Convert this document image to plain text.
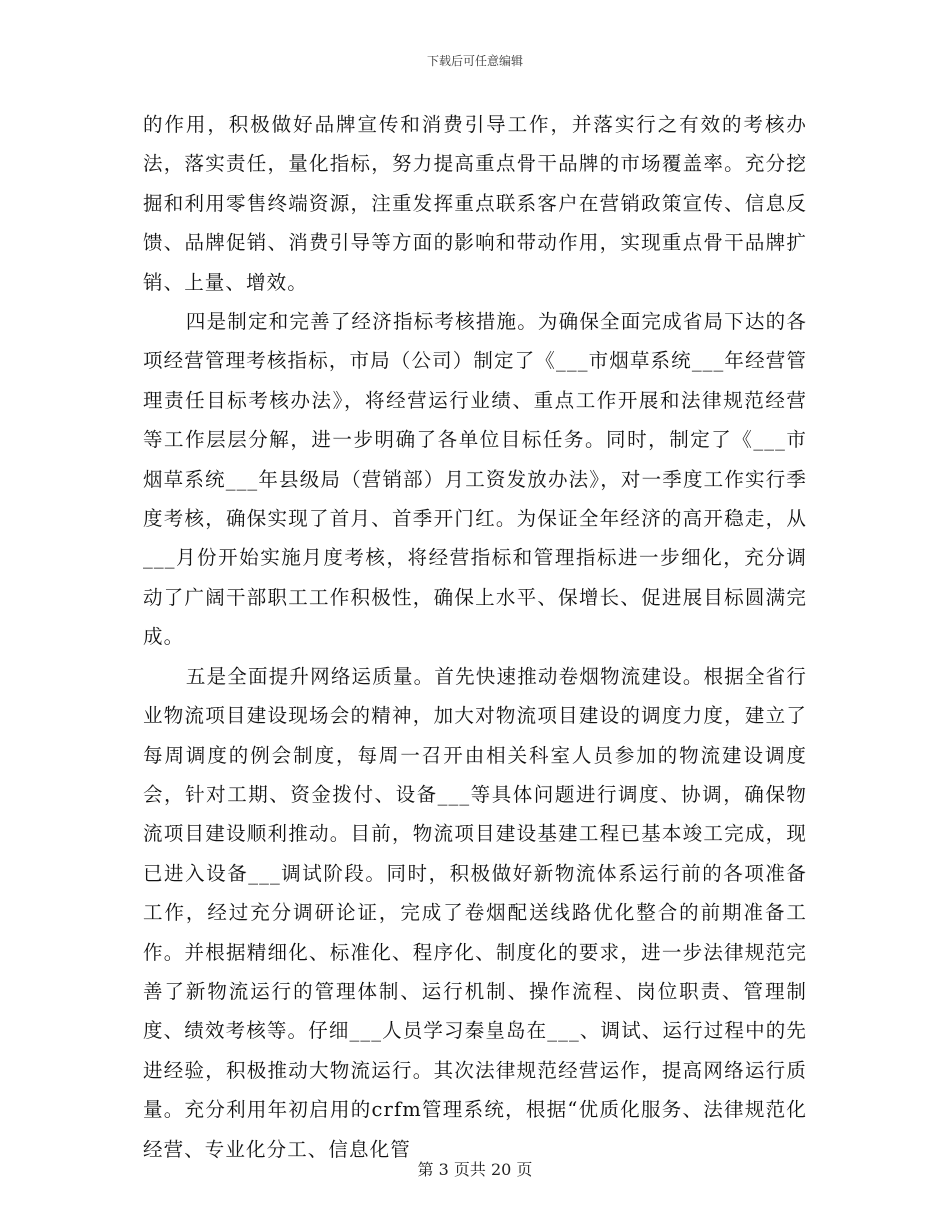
下载后可任意编辑

的作用，积极做好品牌宣传和消费引导工作，并落实行之有效的考核办法，落实责任，量化指标，努力提高重点骨干品牌的市场覆盖率。充分挖掘和利用零售终端资源，注重发挥重点联系客户在营销政策宣传、信息反馈、品牌促销、消费引导等方面的影响和带动作用，实现重点骨干品牌扩销、上量、增效。

四是制定和完善了经济指标考核措施。为确保全面完成省局下达的各项经营管理考核指标，市局（公司）制定了《___市烟草系统___年经营管理责任目标考核办法》，将经营运行业绩、重点工作开展和法律规范经营等工作层层分解，进一步明确了各单位目标任务。同时，制定了《___市烟草系统___年县级局（营销部）月工资发放办法》，对一季度工作实行季度考核，确保实现了首月、首季开门红。为保证全年经济的高开稳走，从___月份开始实施月度考核，将经营指标和管理指标进一步细化，充分调动了广阔干部职工工作积极性，确保上水平、保增长、促进展目标圆满完成。

五是全面提升网络运质量。首先快速推动卷烟物流建设。根据全省行业物流项目建设现场会的精神，加大对物流项目建设的调度力度，建立了每周调度的例会制度，每周一召开由相关科室人员参加的物流建设调度会，针对工期、资金拨付、设备___等具体问题进行调度、协调，确保物流项目建设顺利推动。目前，物流项目建设基建工程已基本竣工完成，现已进入设备___调试阶段。同时，积极做好新物流体系运行前的各项准备工作，经过充分调研论证，完成了卷烟配送线路优化整合的前期准备工作。并根据精细化、标准化、程序化、制度化的要求，进一步法律规范完善了新物流运行的管理体制、运行机制、操作流程、岗位职责、管理制度、绩效考核等。仔细___人员学习秦皇岛在___、调试、运行过程中的先进经验，积极推动大物流运行。其次法律规范经营运作，提高网络运行质量。充分利用年初启用的crfm管理系统，根据“优质化服务、法律规范化经营、专业化分工、信息化管

第 3 页共 20 页
